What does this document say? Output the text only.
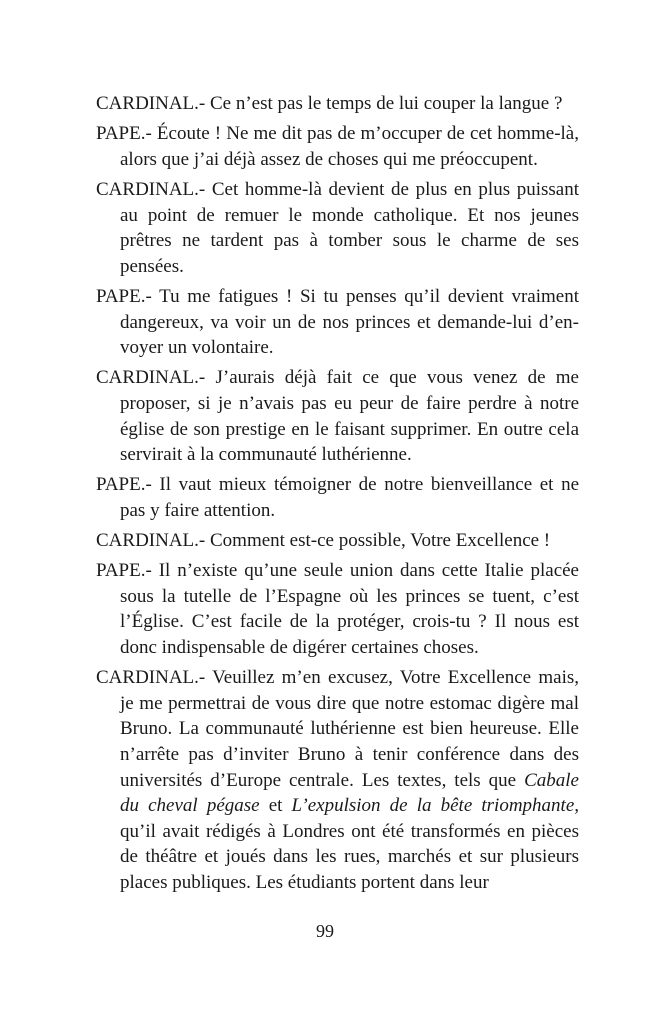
CARDINAL.- Ce n’est pas le temps de lui couper la langue ?

PAPE.- Écoute ! Ne me dit pas de m’occuper de cet homme-là, alors que j’ai déjà assez de choses qui me préoccupent.

CARDINAL.- Cet homme-là devient de plus en plus puissant au point de remuer le monde catholique. Et nos jeunes prêtres ne tardent pas à tomber sous le charme de ses pensées.

PAPE.- Tu me fatigues ! Si tu penses qu’il devient vraiment dangereux, va voir un de nos princes et demande-lui d’envoyer un volontaire.

CARDINAL.- J’aurais déjà fait ce que vous venez de me proposer, si je n’avais pas eu peur de faire perdre à notre église de son prestige en le faisant supprimer. En outre cela servirait à la communauté luthérienne.

PAPE.- Il vaut mieux témoigner de notre bienveillance et ne pas y faire attention.

CARDINAL.- Comment est-ce possible, Votre Excellence !

PAPE.- Il n’existe qu’une seule union dans cette Italie placée sous la tutelle de l’Espagne où les princes se tuent, c’est l’Église. C’est facile de la protéger, crois-tu ? Il nous est donc indispensable de digérer certaines choses.

CARDINAL.- Veuillez m’en excusez, Votre Excellence mais, je me permettrai de vous dire que notre estomac digère mal Bruno. La communauté luthérienne est bien heureuse. Elle n’arrête pas d’inviter Bruno à tenir conférence dans des universités d’Europe centrale. Les textes, tels que Cabale du cheval pégase et L’expulsion de la bête triomphante, qu’il avait rédigés à Londres ont été transformés en pièces de théâtre et joués dans les rues, marchés et sur plusieurs places publiques. Les étudiants portent dans leur

99
